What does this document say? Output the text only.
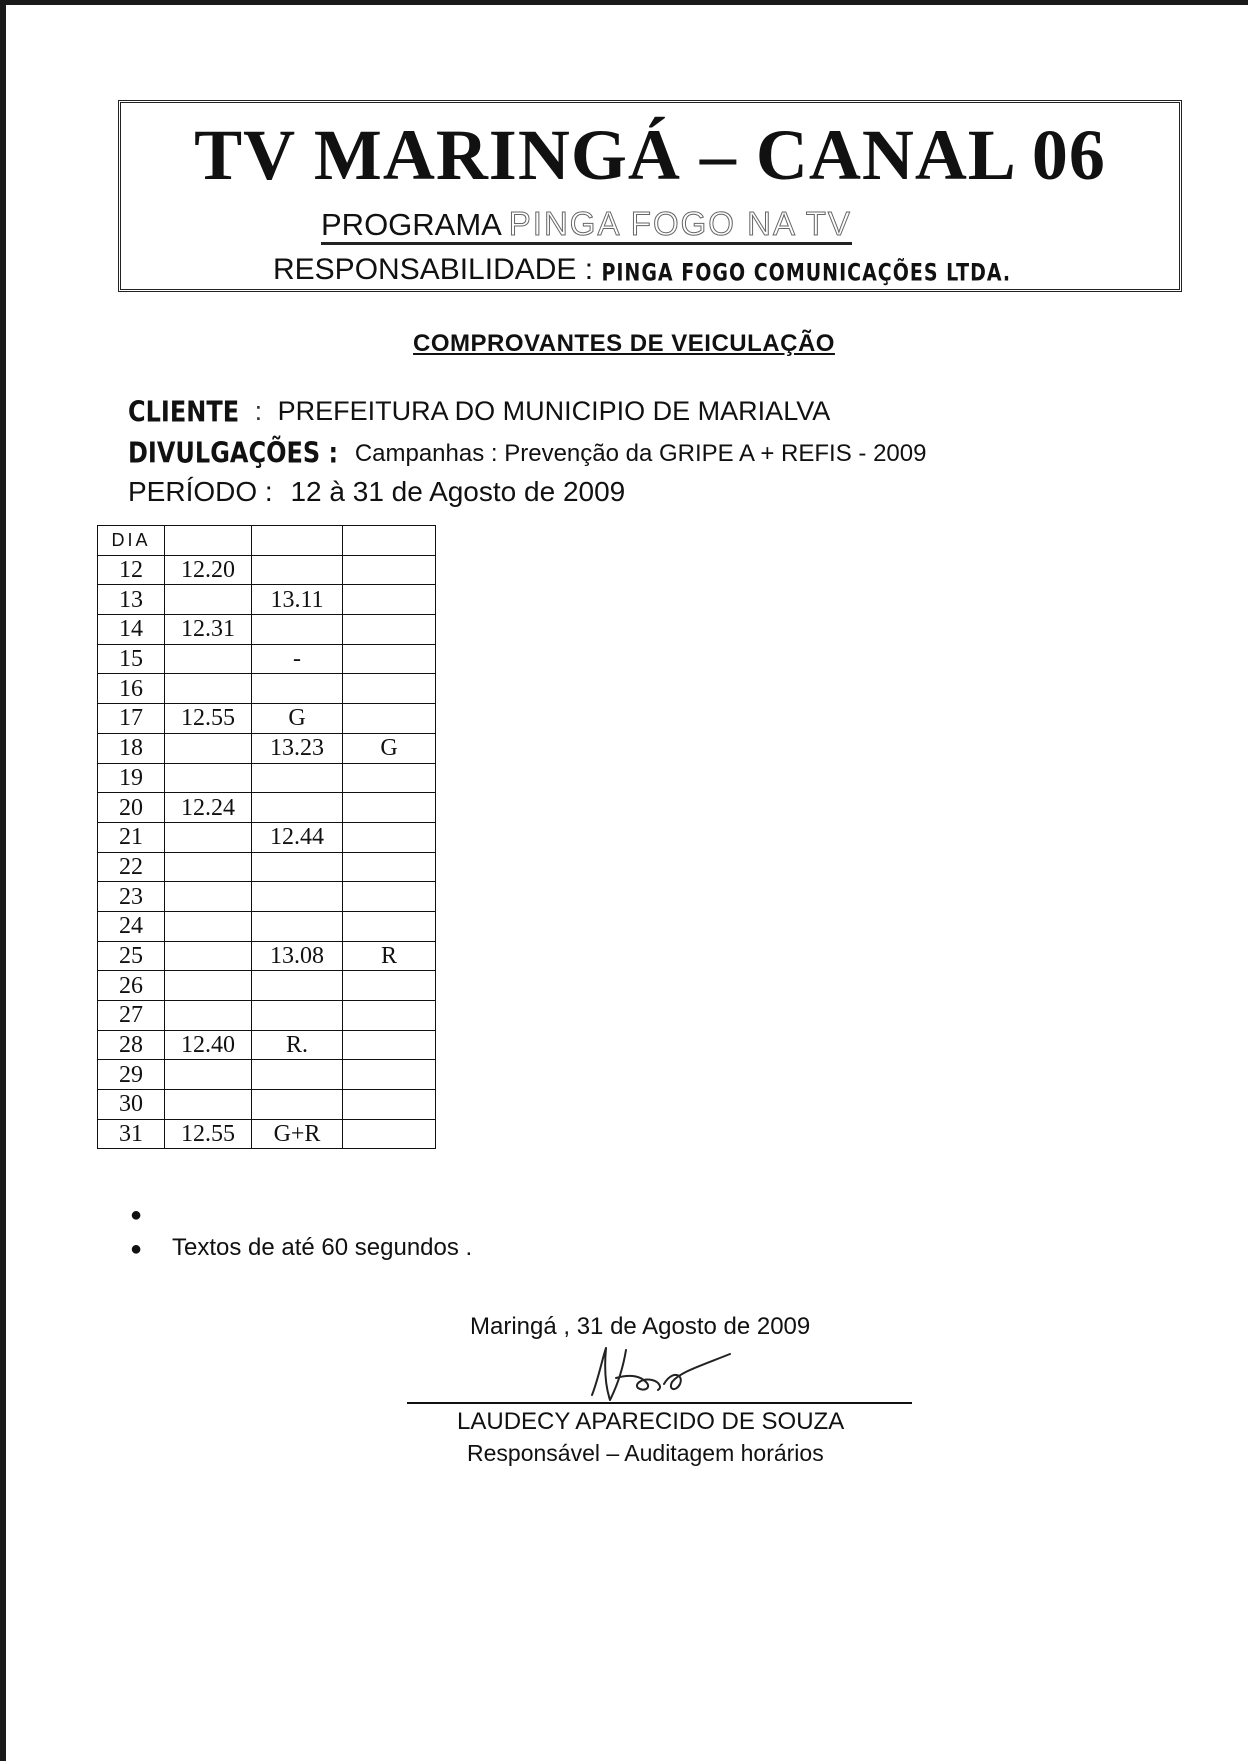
TV MARINGÁ – CANAL 06
PROGRAMA PINGA FOGO NA TV
RESPONSABILIDADE : PINGA FOGO COMUNICAÇÕES LTDA.
COMPROVANTES DE VEICULAÇÃO
CLIENTE : PREFEITURA DO MUNICIPIO DE MARIALVA
DIVULGAÇÕES : Campanhas : Prevenção da GRIPE A + REFIS - 2009
PERÍODO : 12 à 31 de Agosto de 2009
DIA			
12	12.20		
13		13.11	
14	12.31		
15		-	
16			
17	12.55	G	
18		13.23	G
19			
20	12.24		
21		12.44	
22			
23			
24			
25		13.08	R
26			
27			
28	12.40	R.	
29			
30			
31	12.55	G+R	
●
● Textos de até 60 segundos .
Maringá , 31 de Agosto de 2009
LAUDECY APARECIDO DE SOUZA
Responsável – Auditagem horários
